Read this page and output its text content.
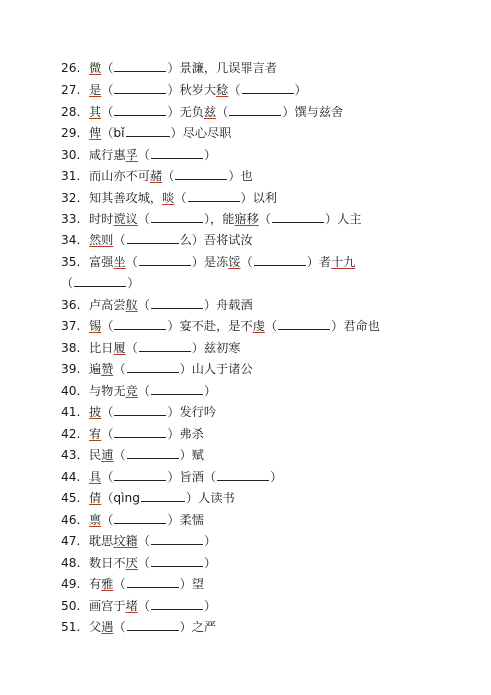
26. 微（	）景濂，几误罪言者
27. 是（	）秋岁大稔（	）
28. 其（	）无负兹（	）馔与兹舍
29. 俾（bǐ	）尽心尽职
30. 咸行惠孚（	）
31. 而山亦不可赭（	）也
32. 知其善攻城，啖（	）以利
33. 时时谠议（	），能寤移（	）人主
34. 然则（	么）吾将试汝
35. 富强坐（	）是冻馁（	）者十九
（	）
36. 卢高尝舣（	）舟载酒
37. 锡（	）宴不赴，是不虔（	）君命也
38. 比日履（	）兹初寒
39. 遍赞（	）山人于诸公
40. 与物无竞（	）
41. 披（	）发行吟
42. 宥（	）弗杀
43. 民逋（	）赋
44. 具（	）旨酒（	）
45. 倩（qìng	）人读书
46. 禀（	）柔懦
47. 耽思坟籍（	）
48. 数日不厌（	）
49. 有雅（	）望
50. 画宫于堵（	）
51. 父遇（	）之严
